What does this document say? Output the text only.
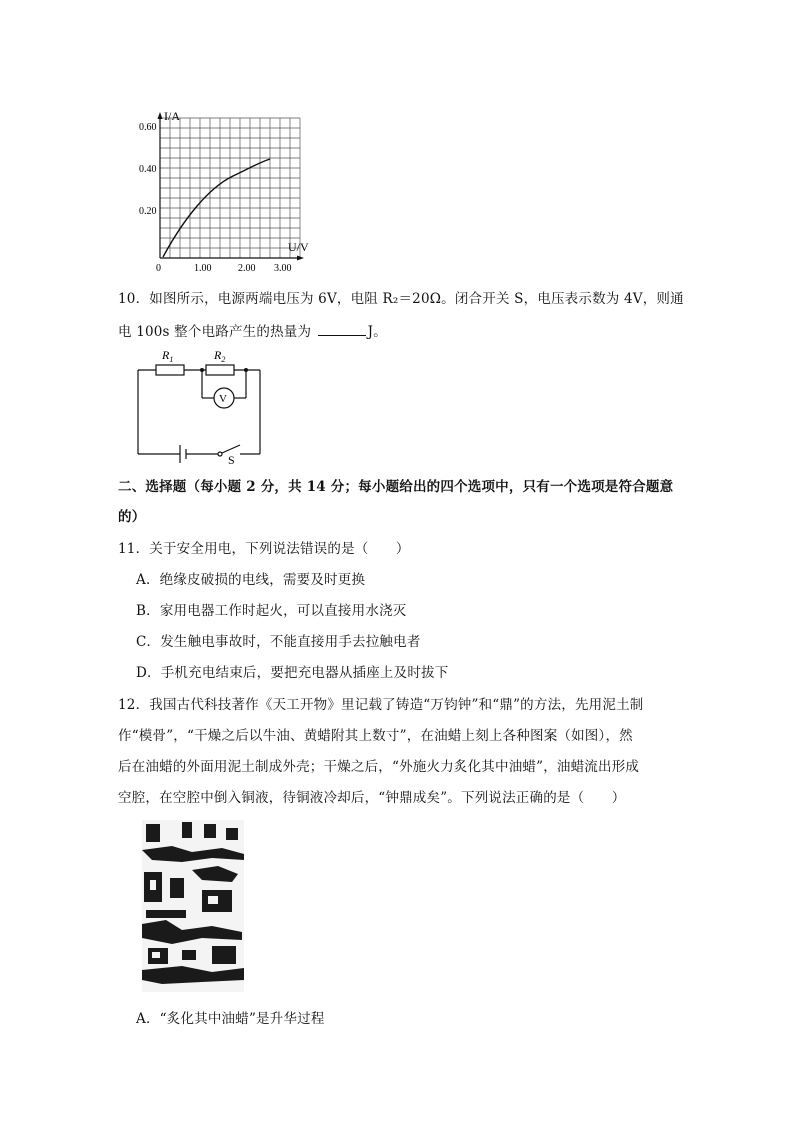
I/A
U/V
0.60
0.40
0.20
0	1.00	2.00 3.00
10．如图所示，电源两端电压为 6V，电阻 R₂＝20Ω。闭合开关 S，电压表示数为 4V，则通
电 100s 整个电路产生的热量为	J。
$R_1$	$R_2$
V
S
二、选择题（每小题 2 分，共 14 分；每小题给出的四个选项中，只有一个选项是符合题意
的）
11．关于安全用电，下列说法错误的是（　　）
A．绝缘皮破损的电线，需要及时更换
B．家用电器工作时起火，可以直接用水浇灭
C．发生触电事故时，不能直接用手去拉触电者
D．手机充电结束后，要把充电器从插座上及时拔下
12．我国古代科技著作《天工开物》里记载了铸造“万钧钟”和“鼎”的方法，先用泥土制
作“模骨”，“干燥之后以牛油、黄蜡附其上数寸”，在油蜡上刻上各种图案（如图），然
后在油蜡的外面用泥土制成外壳；干燥之后，“外施火力炙化其中油蜡”，油蜡流出形成
空腔，在空腔中倒入铜液，待铜液冷却后，“钟鼎成矣”。下列说法正确的是（　　）
A．“炙化其中油蜡”是升华过程
